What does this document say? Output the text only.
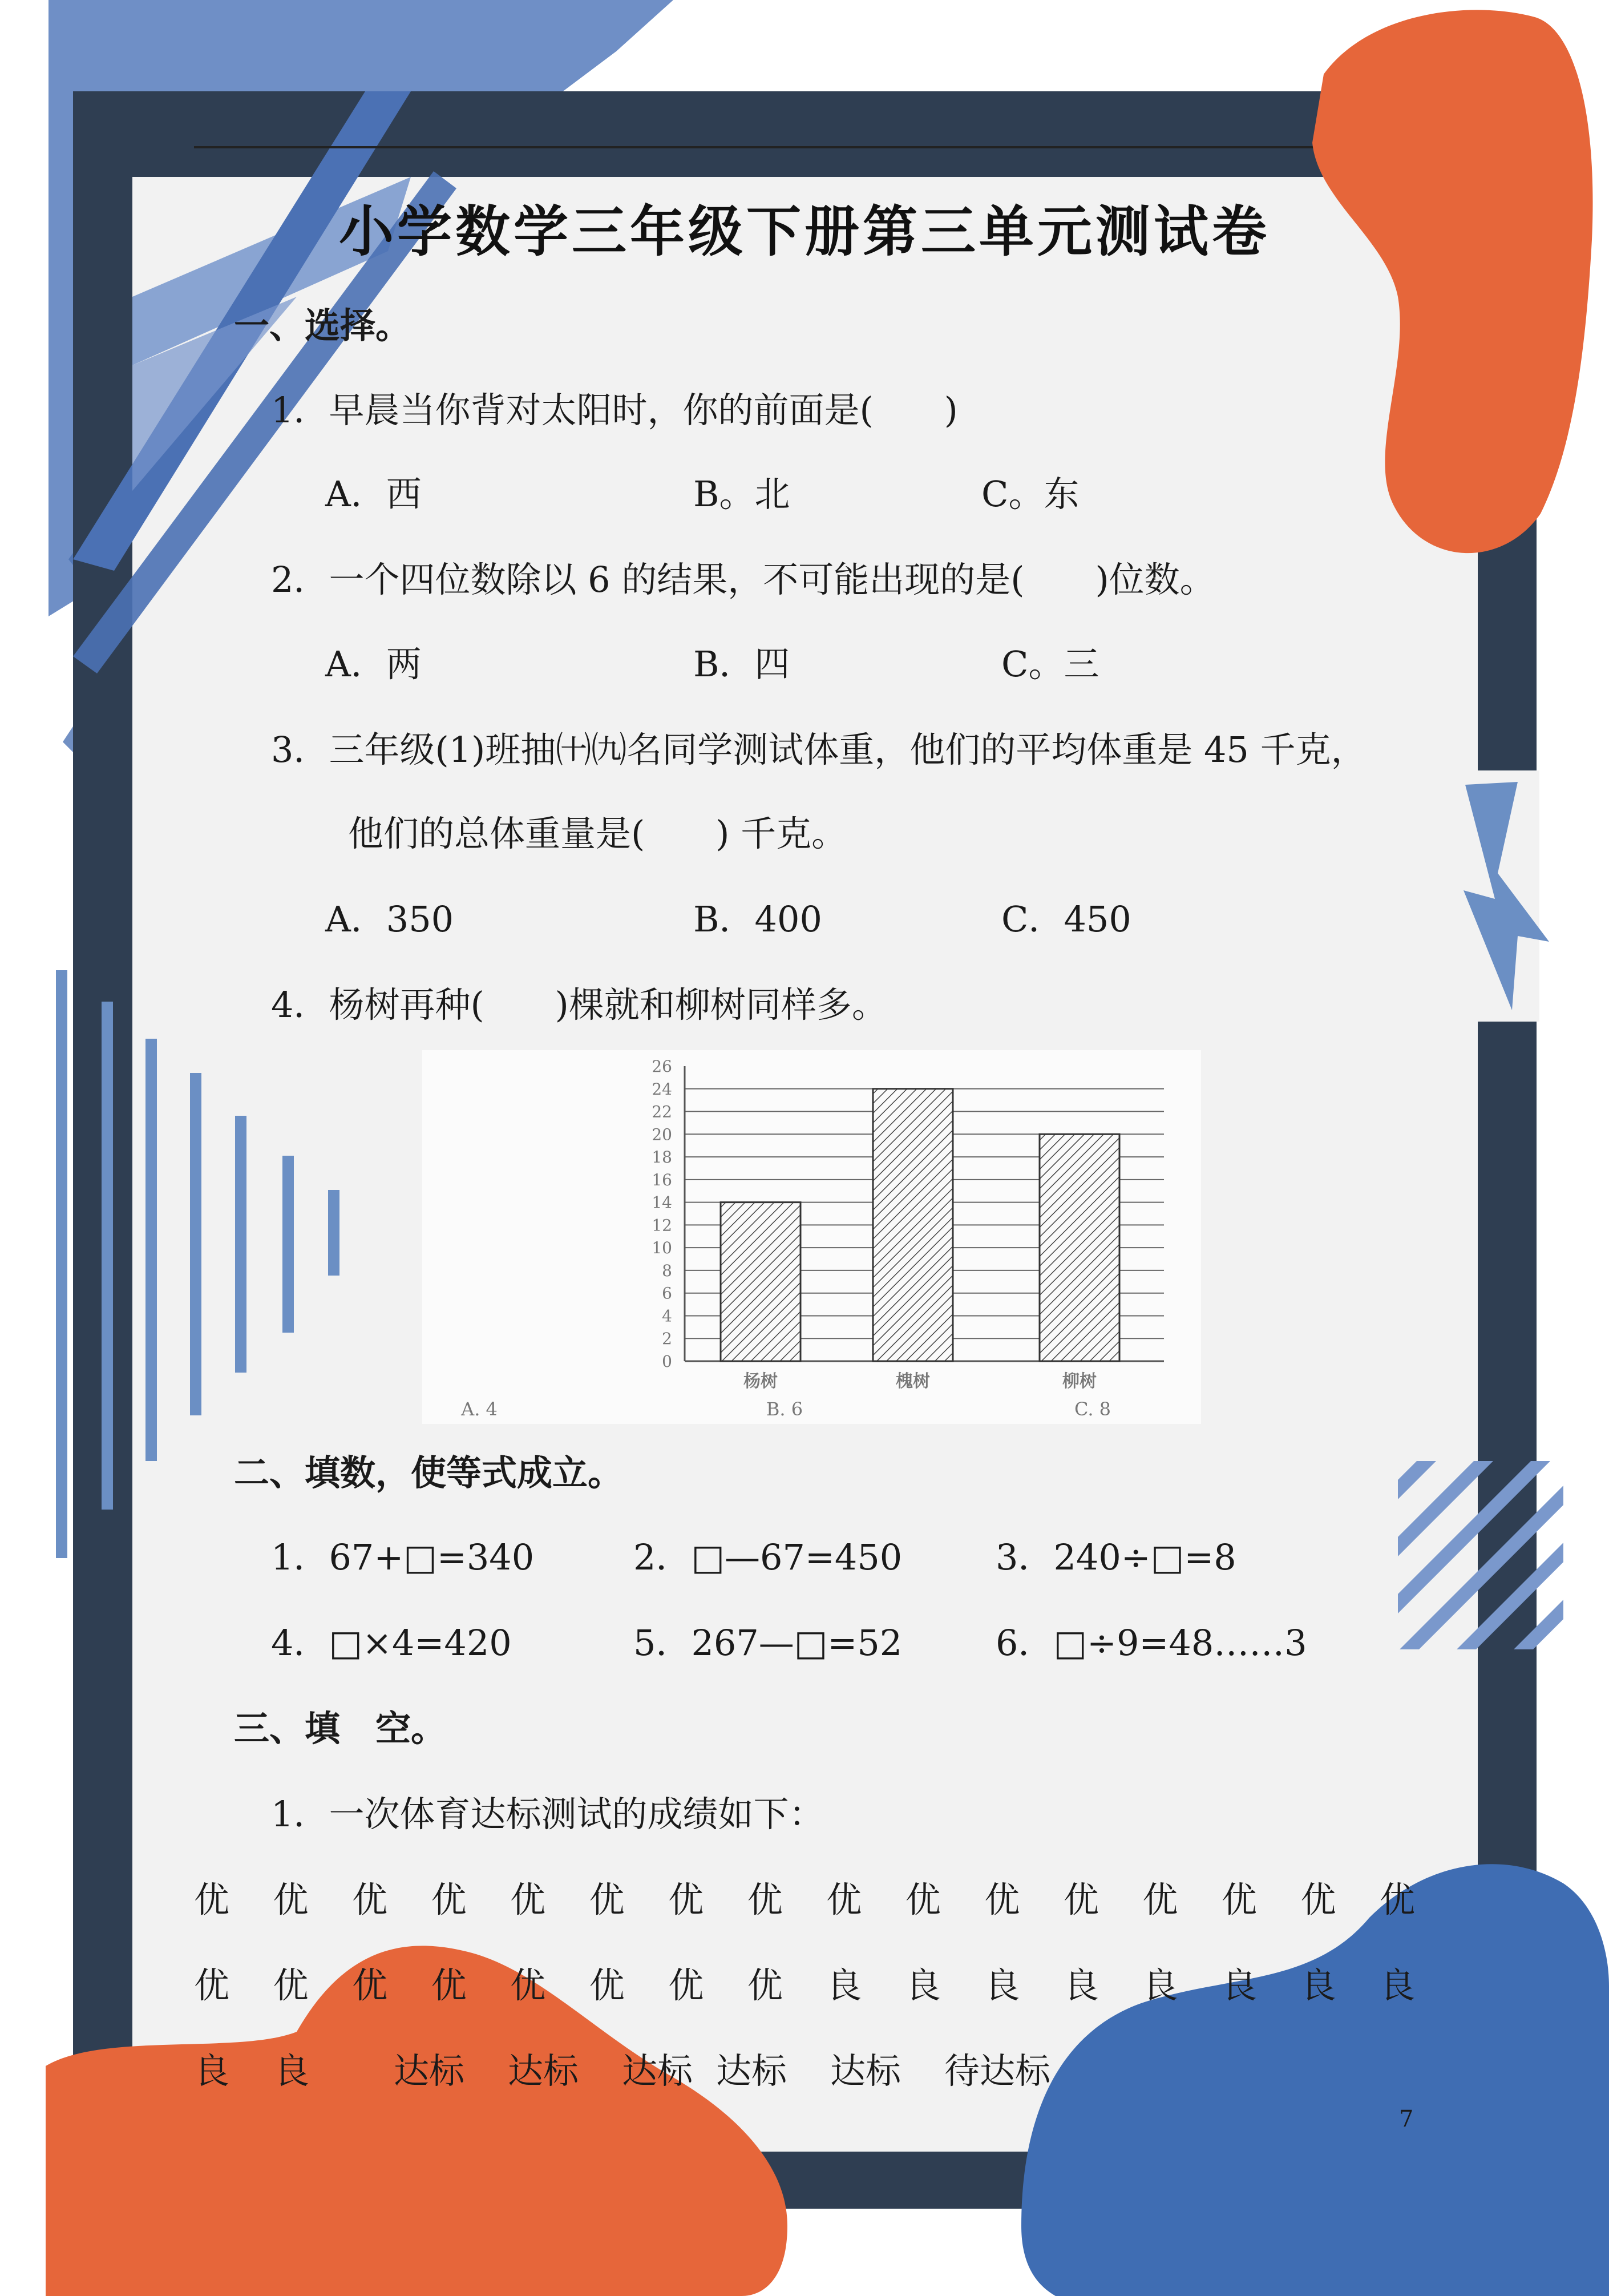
小学数学三年级下册第三单元测试卷
一、选择。
1．早晨当你背对太阳时，你的前面是(　　)
A．西	B。北	C。东
2．一个四位数除以 6 的结果，不可能出现的是(　　)位数。
A．两	B．四	C。三
3．三年级(1)班抽㈩㈨名同学测试体重，他们的平均体重是 45 千克，
他们的总体重量是(　　) 千克。
A．350	B．400	C．450
4．杨树再种(　　)棵就和柳树同样多。
0
2
4
6
8
10
12
14
16
18
20
22
24
26
杨树	槐树	柳树
A. 4	B. 6	C. 8
二、填数，使等式成立。
1．67+□=340	2．□—67=450	3．240÷□=8
4．□×4=420	5．267—□=52	6．□÷9=48……3
三、填　空。
1．一次体育达标测试的成绩如下：
优 优 优 优 优 优 优 优 优 优 优 优 优 优 优 优
优 优 优 优 优 优 优 优 良 良 良 良 良 良 良 良
良 良 达标 达标 达标 达标 达标 待达标
7
